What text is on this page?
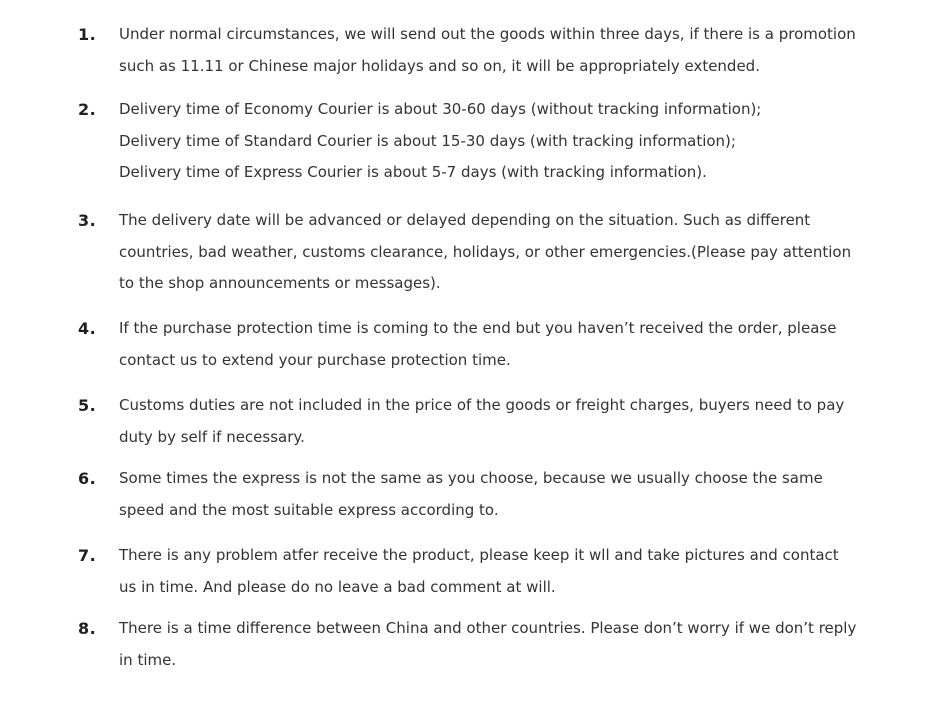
1. Under normal circumstances, we will send out the goods within three days, if there is a promotion
such as 11.11 or Chinese major holidays and so on, it will be appropriately extended.
2. Delivery time of Economy Courier is about 30-60 days (without tracking information);
Delivery time of Standard Courier is about 15-30 days (with tracking information);
Delivery time of Express Courier is about 5-7 days (with tracking information).
3. The delivery date will be advanced or delayed depending on the situation. Such as different
countries, bad weather, customs clearance, holidays, or other emergencies.(Please pay attention
to the shop announcements or messages).
4. If the purchase protection time is coming to the end but you haven’t received the order, please
contact us to extend your purchase protection time.
5. Customs duties are not included in the price of the goods or freight charges, buyers need to pay
duty by self if necessary.
6. Some times the express is not the same as you choose, because we usually choose the same
speed and the most suitable express according to.
7. There is any problem atfer receive the product, please keep it wll and take pictures and contact
us in time. And please do no leave a bad comment at will.
8. There is a time difference between China and other countries. Please don’t worry if we don’t reply
in time.
